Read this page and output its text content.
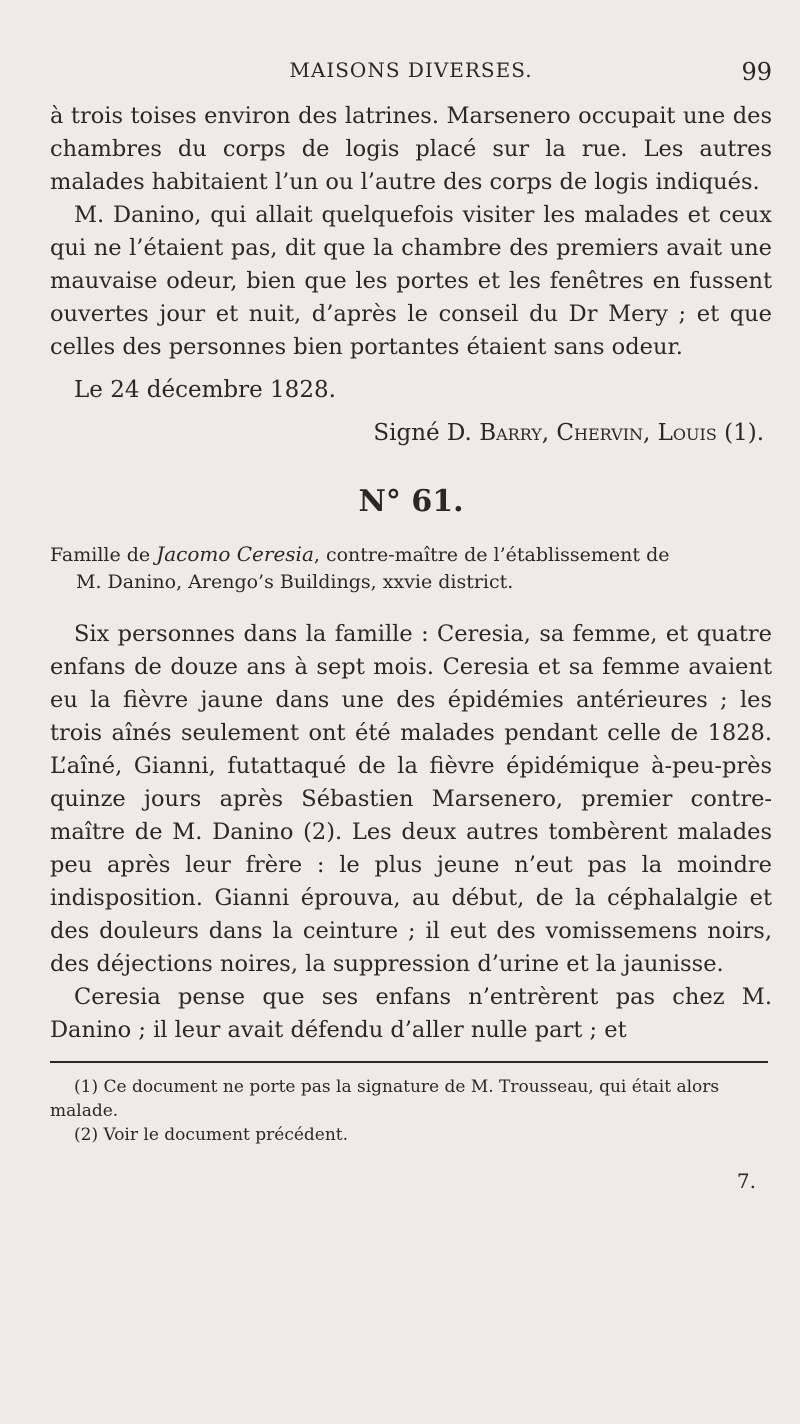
MAISONS DIVERSES.	99

à trois toises environ des latrines. Marsenero occupait une des chambres du corps de logis placé sur la rue. Les autres malades habitaient l’un ou l’autre des corps de logis indiqués.

M. Danino, qui allait quelquefois visiter les malades et ceux qui ne l’étaient pas, dit que la chambre des premiers avait une mauvaise odeur, bien que les portes et les fenêtres en fussent ouvertes jour et nuit, d’après le conseil du Dr Mery ; et que celles des personnes bien portantes étaient sans odeur.

Le 24 décembre 1828.

Signé D. Barry, Chervin, Louis (1).

N° 61.
Famille de Jacomo Ceresia, contre-maître de l’établissement de
M. Danino, Arengo’s Buildings, xxvie district.

Six personnes dans la famille : Ceresia, sa femme, et quatre enfans de douze ans à sept mois. Ceresia et sa femme avaient eu la fièvre jaune dans une des épidémies antérieures ; les trois aînés seulement ont été malades pendant celle de 1828. L’aîné, Gianni, futattaqué de la fièvre épidémique à-peu-près quinze jours après Sébastien Marsenero, premier contre-maître de M. Danino (2). Les deux autres tombèrent malades peu après leur frère : le plus jeune n’eut pas la moindre indisposition. Gianni éprouva, au début, de la céphalalgie et des douleurs dans la ceinture ; il eut des vomissemens noirs, des déjections noires, la suppression d’urine et la jaunisse.

Ceresia pense que ses enfans n’entrèrent pas chez M. Danino ; il leur avait défendu d’aller nulle part ; et

(1) Ce document ne porte pas la signature de M. Trousseau, qui était alors malade.

(2) Voir le document précédent.

7.
